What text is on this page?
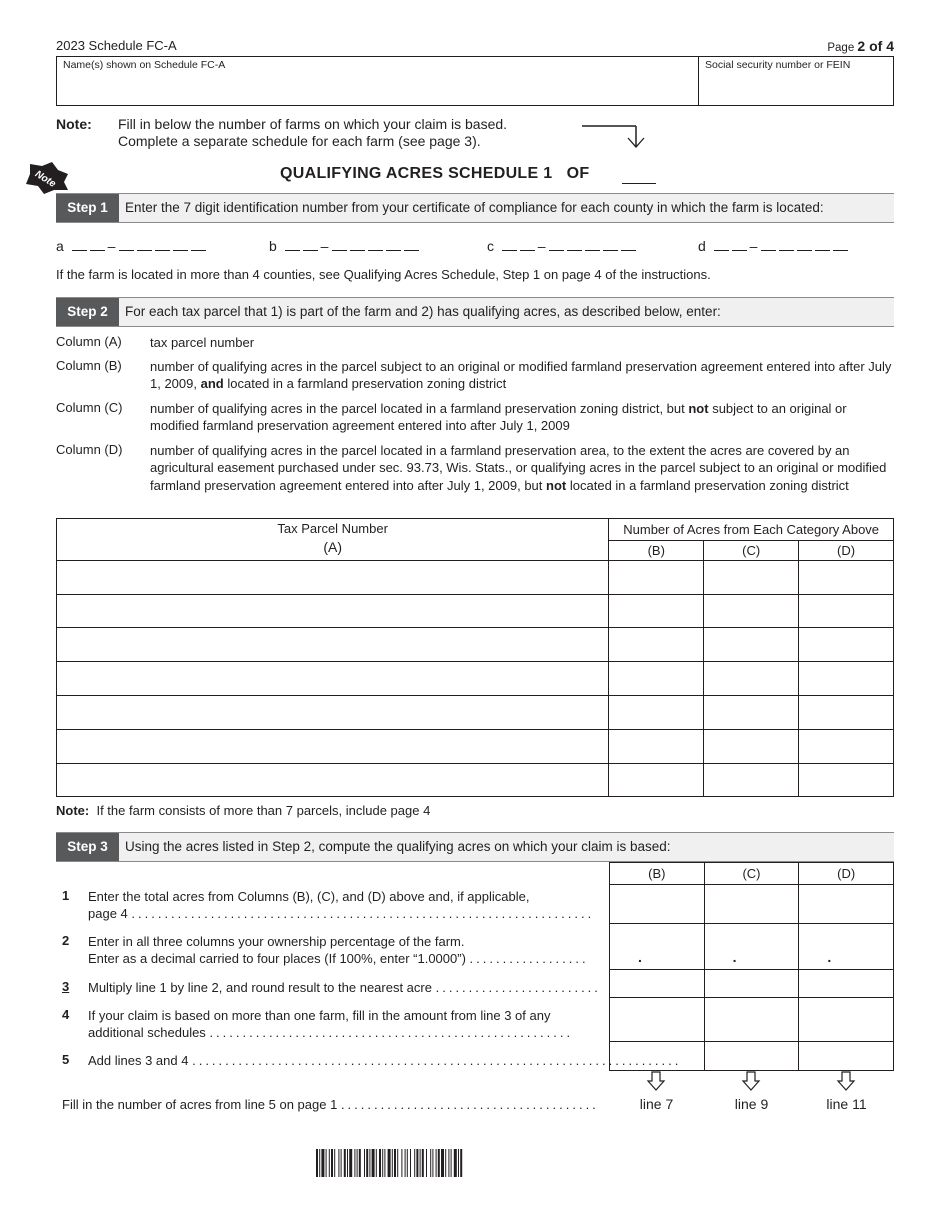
2023 Schedule FC-A	Page 2 of 4
Name(s) shown on Schedule FC-A	Social security number or FEIN
Note: Fill in below the number of farms on which your claim is based.
Complete a separate schedule for each farm (see page 3).
Note	QUALIFYING ACRES SCHEDULE 1 OF
Step 1	Enter the 7 digit identification number from your certificate of compliance for each county in which the farm is located:
a	–	b	–	c	–	d	–
If the farm is located in more than 4 counties, see Qualifying Acres Schedule, Step 1 on page 4 of the instructions.
Step 2	For each tax parcel that 1) is part of the farm and 2) has qualifying acres, as described below, enter:
Column (A) tax parcel number
Column (B) number of qualifying acres in the parcel subject to an original or modified farmland preservation agreement entered into after July 1, 2009, and located in a farmland preservation zoning district
Column (C) number of qualifying acres in the parcel located in a farmland preservation zoning district, but not subject to an original or modified farmland preservation agreement entered into after July 1, 2009
Column (D) number of qualifying acres in the parcel located in a farmland preservation area, to the extent the acres are covered by an agricultural easement purchased under sec. 93.73, Wis. Stats., or qualifying acres in the parcel subject to an original or modified farmland preservation agreement entered into after July 1, 2009, but not located in a farmland preservation zoning district
Tax Parcel Number
(A)	Number of Acres from Each Category Above		
	(B)	(C)	(D)

Note: If the farm consists of more than 7 parcels, include page 4
Step 3	Using the acres listed in Step 2, compute the qualifying acres on which your claim is based:
(B)	(C)	(D)

.	.	.

1 Enter the total acres from Columns (B), (C), and (D) above and, if applicable,
page 4 ......................................................................
2 Enter in all three columns your ownership percentage of the farm.
Enter as a decimal carried to four places (If 100%, enter “1.0000”) ..................
3 Multiply line 1 by line 2, and round result to the nearest acre .........................
4 If your claim is based on more than one farm, fill in the amount from line 3 of any
additional schedules .......................................................
5 Add lines 3 and 4 ..........................................................................
Fill in the number of acres from line 5 on page 1 .......................................	line 7	line 9	line 11
